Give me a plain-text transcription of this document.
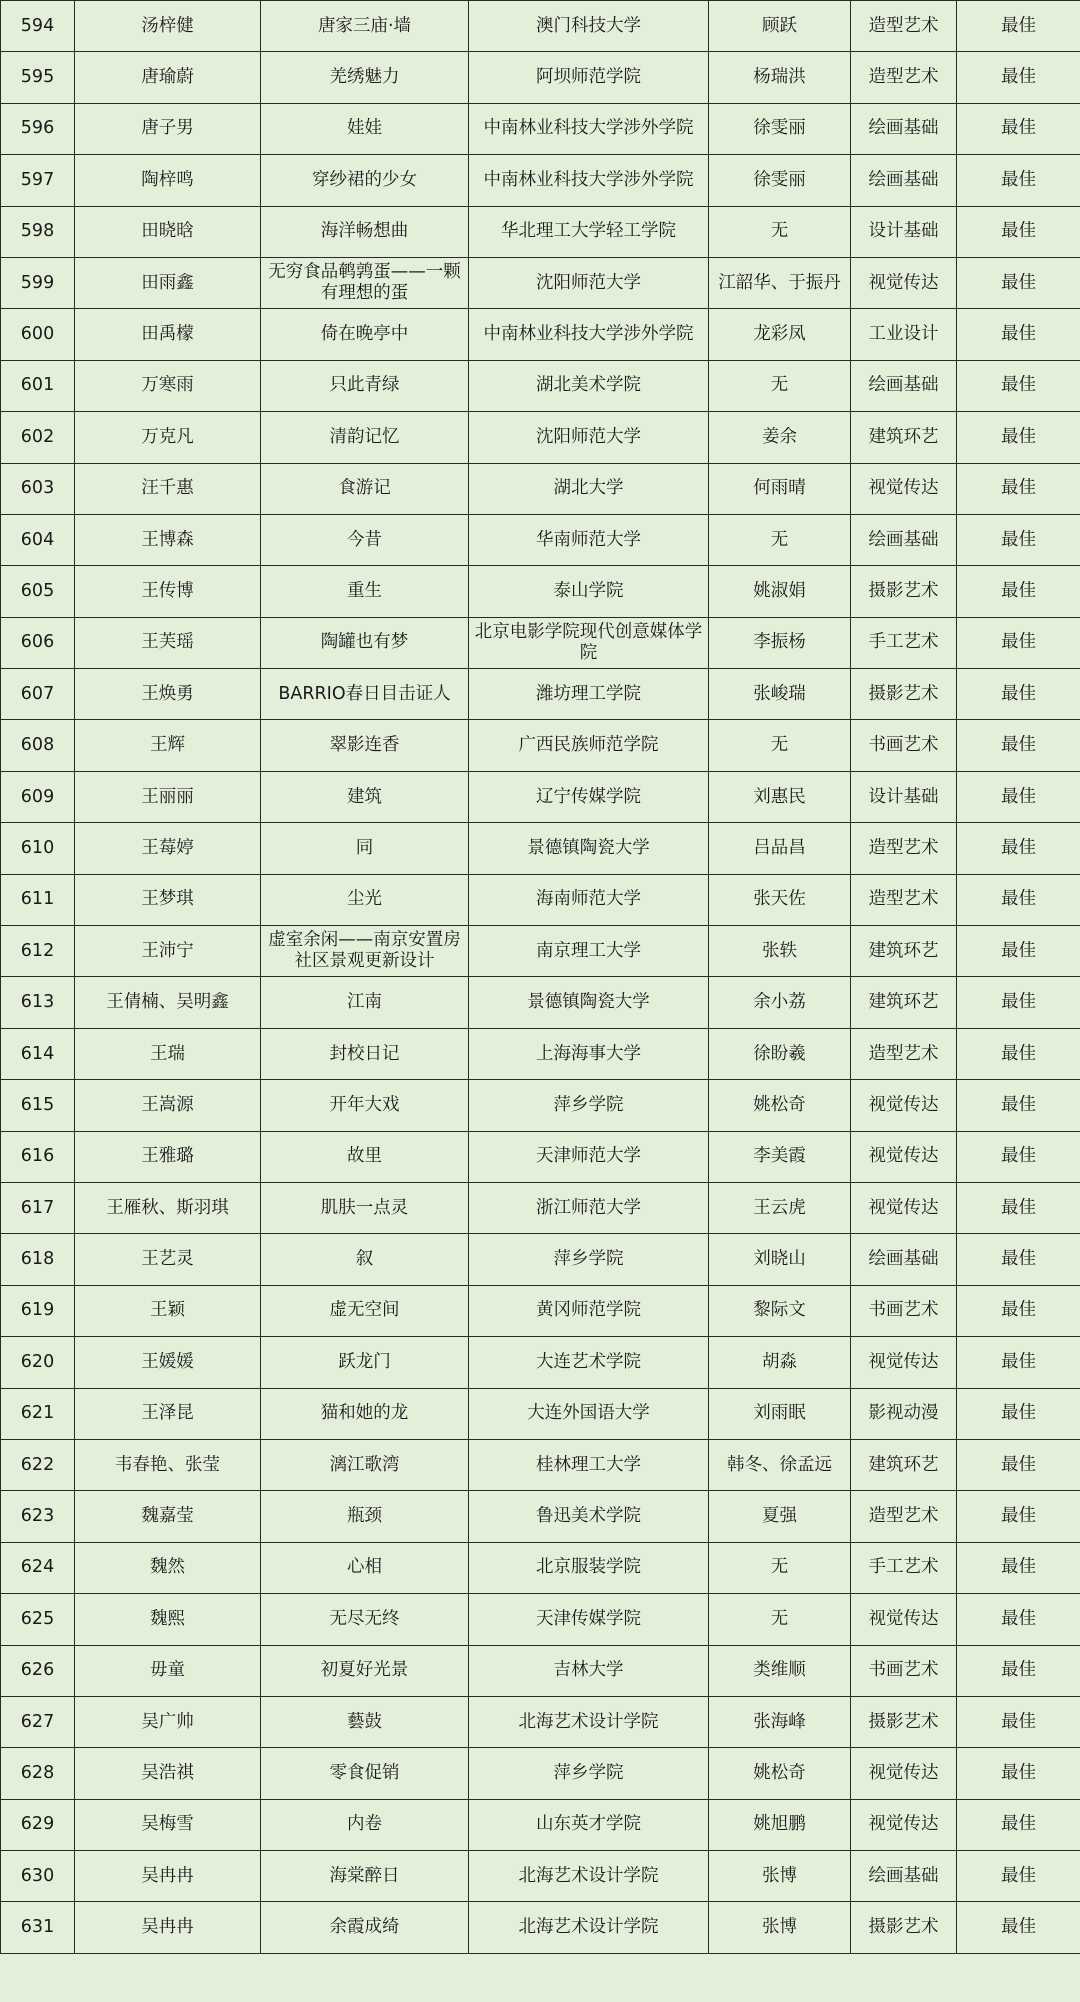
594	汤梓健	唐家三庙·墙	澳门科技大学	顾跃	造型艺术	最佳
595	唐瑜蔚	羌绣魅力	阿坝师范学院	杨瑞洪	造型艺术	最佳
596	唐子男	娃娃	中南林业科技大学涉外学院	徐雯丽	绘画基础	最佳
597	陶梓鸣	穿纱裙的少女	中南林业科技大学涉外学院	徐雯丽	绘画基础	最佳
598	田晓晗	海洋畅想曲	华北理工大学轻工学院	无	设计基础	最佳
599	田雨鑫	无穷食品鹌鹑蛋——一颗有理想的蛋	沈阳师范大学	江韶华、于振丹	视觉传达	最佳
600	田禹檬	倚在晚亭中	中南林业科技大学涉外学院	龙彩凤	工业设计	最佳
601	万寒雨	只此青绿	湖北美术学院	无	绘画基础	最佳
602	万克凡	清韵记忆	沈阳师范大学	姜余	建筑环艺	最佳
603	汪千惠	食游记	湖北大学	何雨晴	视觉传达	最佳
604	王博森	今昔	华南师范大学	无	绘画基础	最佳
605	王传博	重生	泰山学院	姚淑娟	摄影艺术	最佳
606	王芙瑶	陶罐也有梦	北京电影学院现代创意媒体学院	李振杨	手工艺术	最佳
607	王焕勇	BARRIO春日目击证人	潍坊理工学院	张峻瑞	摄影艺术	最佳
608	王辉	翠影连香	广西民族师范学院	无	书画艺术	最佳
609	王丽丽	建筑	辽宁传媒学院	刘惠民	设计基础	最佳
610	王莓婷	同	景德镇陶瓷大学	吕品昌	造型艺术	最佳
611	王梦琪	尘光	海南师范大学	张天佐	造型艺术	最佳
612	王沛宁	虚室余闲——南京安置房社区景观更新设计	南京理工大学	张轶	建筑环艺	最佳
613	王倩楠、吴明鑫	江南	景德镇陶瓷大学	余小荔	建筑环艺	最佳
614	王瑞	封校日记	上海海事大学	徐盼羲	造型艺术	最佳
615	王嵩源	开年大戏	萍乡学院	姚松奇	视觉传达	最佳
616	王雅璐	故里	天津师范大学	李美霞	视觉传达	最佳
617	王雁秋、斯羽琪	肌肤一点灵	浙江师范大学	王云虎	视觉传达	最佳
618	王艺灵	叙	萍乡学院	刘晓山	绘画基础	最佳
619	王颖	虚无空间	黄冈师范学院	黎际文	书画艺术	最佳
620	王媛媛	跃龙门	大连艺术学院	胡淼	视觉传达	最佳
621	王泽昆	猫和她的龙	大连外国语大学	刘雨眠	影视动漫	最佳
622	韦春艳、张莹	漓江歌湾	桂林理工大学	韩冬、徐孟远	建筑环艺	最佳
623	魏嘉莹	瓶颈	鲁迅美术学院	夏强	造型艺术	最佳
624	魏然	心相	北京服装学院	无	手工艺术	最佳
625	魏熙	无尽无终	天津传媒学院	无	视觉传达	最佳
626	毋童	初夏好光景	吉林大学	类维顺	书画艺术	最佳
627	吴广帅	藝鼔	北海艺术设计学院	张海峰	摄影艺术	最佳
628	吴浩祺	零食促销	萍乡学院	姚松奇	视觉传达	最佳
629	吴梅雪	内卷	山东英才学院	姚旭鹏	视觉传达	最佳
630	吴冉冉	海棠醉日	北海艺术设计学院	张博	绘画基础	最佳
631	吴冉冉	余霞成绮	北海艺术设计学院	张博	摄影艺术	最佳
